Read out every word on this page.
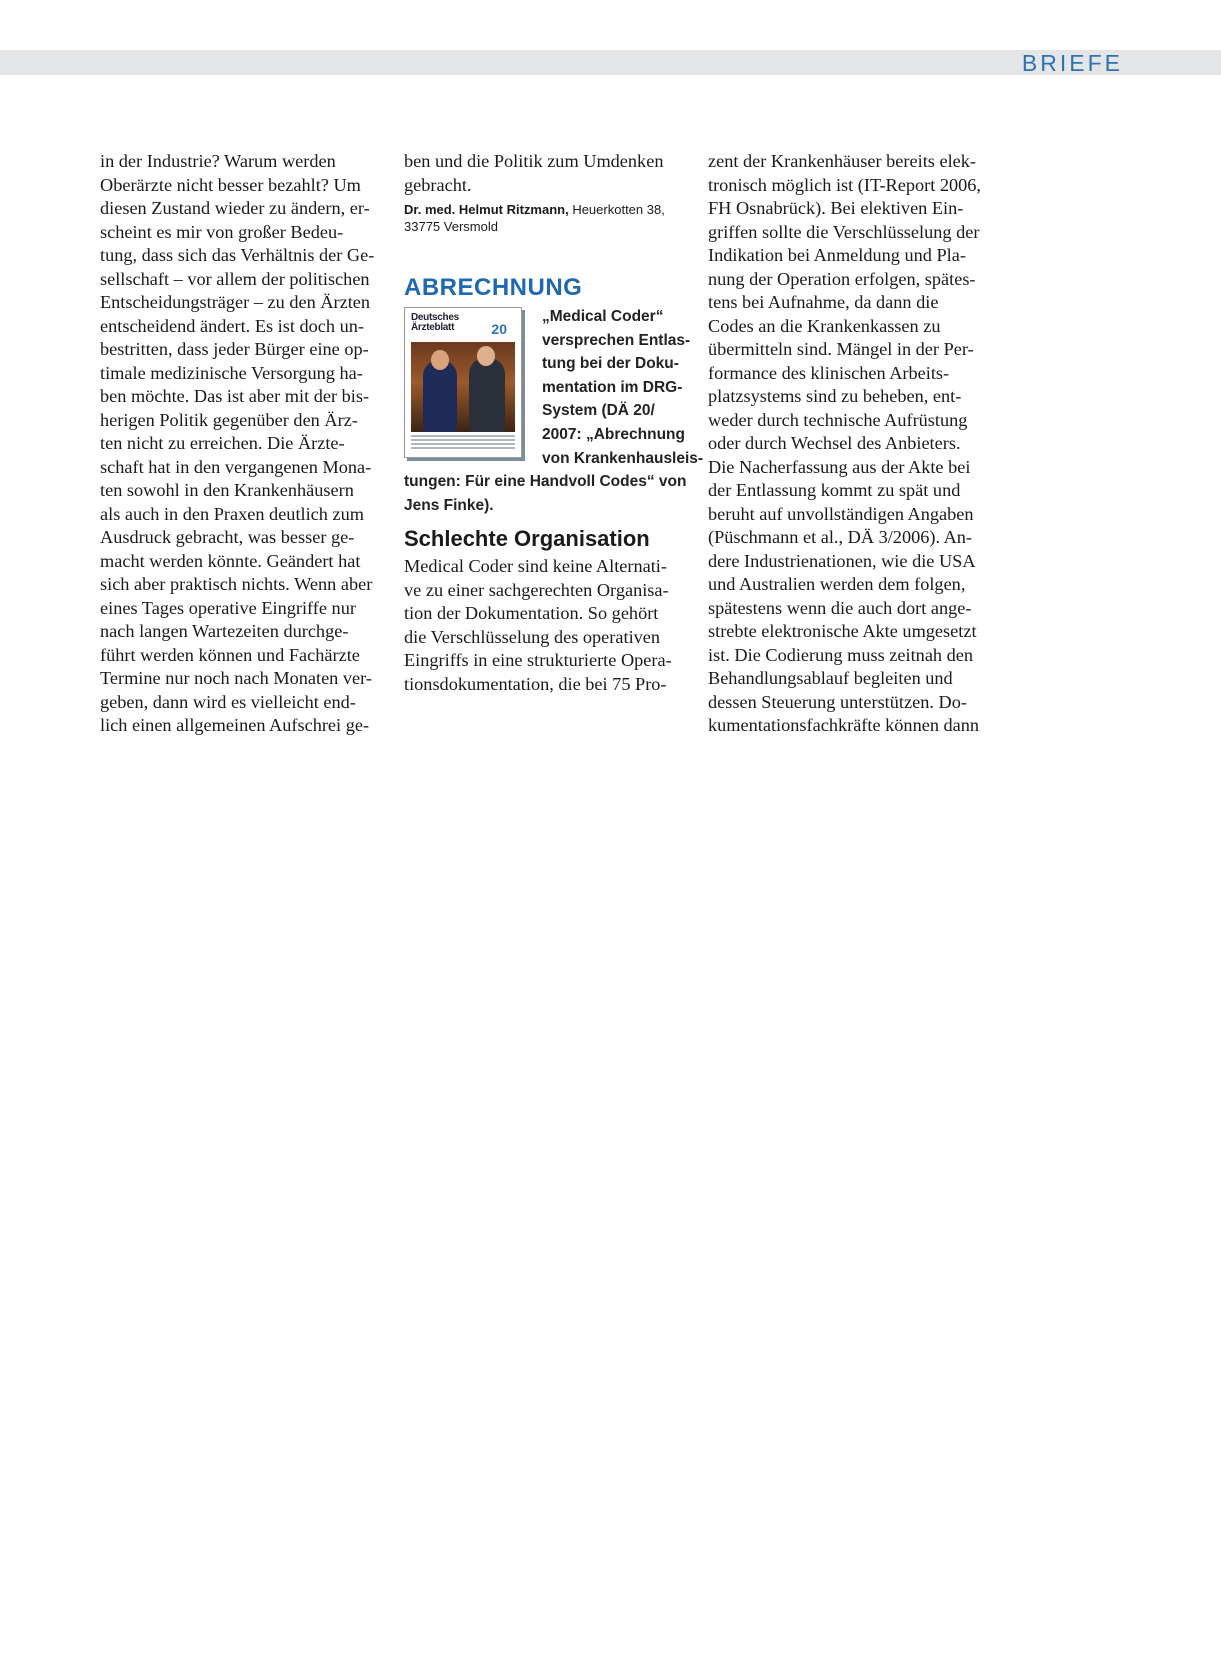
BRIEFE
in der Industrie? Warum werden
Oberärzte nicht besser bezahlt? Um
diesen Zustand wieder zu ändern, er-
scheint es mir von großer Bedeu-
tung, dass sich das Verhältnis der Ge-
sellschaft – vor allem der politischen
Entscheidungsträger – zu den Ärzten
entscheidend ändert. Es ist doch un-
bestritten, dass jeder Bürger eine op-
timale medizinische Versorgung ha-
ben möchte. Das ist aber mit der bis-
herigen Politik gegenüber den Ärz-
ten nicht zu erreichen. Die Ärzte-
schaft hat in den vergangenen Mona-
ten sowohl in den Krankenhäusern
als auch in den Praxen deutlich zum
Ausdruck gebracht, was besser ge-
macht werden könnte. Geändert hat
sich aber praktisch nichts. Wenn aber
eines Tages operative Eingriffe nur
nach langen Wartezeiten durchge-
führt werden können und Fachärzte
Termine nur noch nach Monaten ver-
geben, dann wird es vielleicht end-
lich einen allgemeinen Aufschrei ge-
ben und die Politik zum Umdenken
gebracht.
Dr. med. Helmut Ritzmann, Heuerkotten 38,
33775 Versmold
ABRECHNUNG
Deutsches
Ärzteblatt	20
„Medical Coder“
versprechen Entlas-
tung bei der Doku-
mentation im DRG-
System (DÄ 20/
2007: „Abrechnung
von Krankenhausleis-
tungen: Für eine Handvoll Codes“ von
Jens Finke).
Schlechte Organisation
Medical Coder sind keine Alternati-
ve zu einer sachgerechten Organisa-
tion der Dokumentation. So gehört
die Verschlüsselung des operativen
Eingriffs in eine strukturierte Opera-
tionsdokumentation, die bei 75 Pro-
zent der Krankenhäuser bereits elek-
tronisch möglich ist (IT-Report 2006,
FH Osnabrück). Bei elektiven Ein-
griffen sollte die Verschlüsselung der
Indikation bei Anmeldung und Pla-
nung der Operation erfolgen, spätes-
tens bei Aufnahme, da dann die
Codes an die Krankenkassen zu
übermitteln sind. Mängel in der Per-
formance des klinischen Arbeits-
platzsystems sind zu beheben, ent-
weder durch technische Aufrüstung
oder durch Wechsel des Anbieters.
Die Nacherfassung aus der Akte bei
der Entlassung kommt zu spät und
beruht auf unvollständigen Angaben
(Püschmann et al., DÄ 3/2006). An-
dere Industrienationen, wie die USA
und Australien werden dem folgen,
spätestens wenn die auch dort ange-
strebte elektronische Akte umgesetzt
ist. Die Codierung muss zeitnah den
Behandlungsablauf begleiten und
dessen Steuerung unterstützen. Do-
kumentationsfachkräfte können dann
